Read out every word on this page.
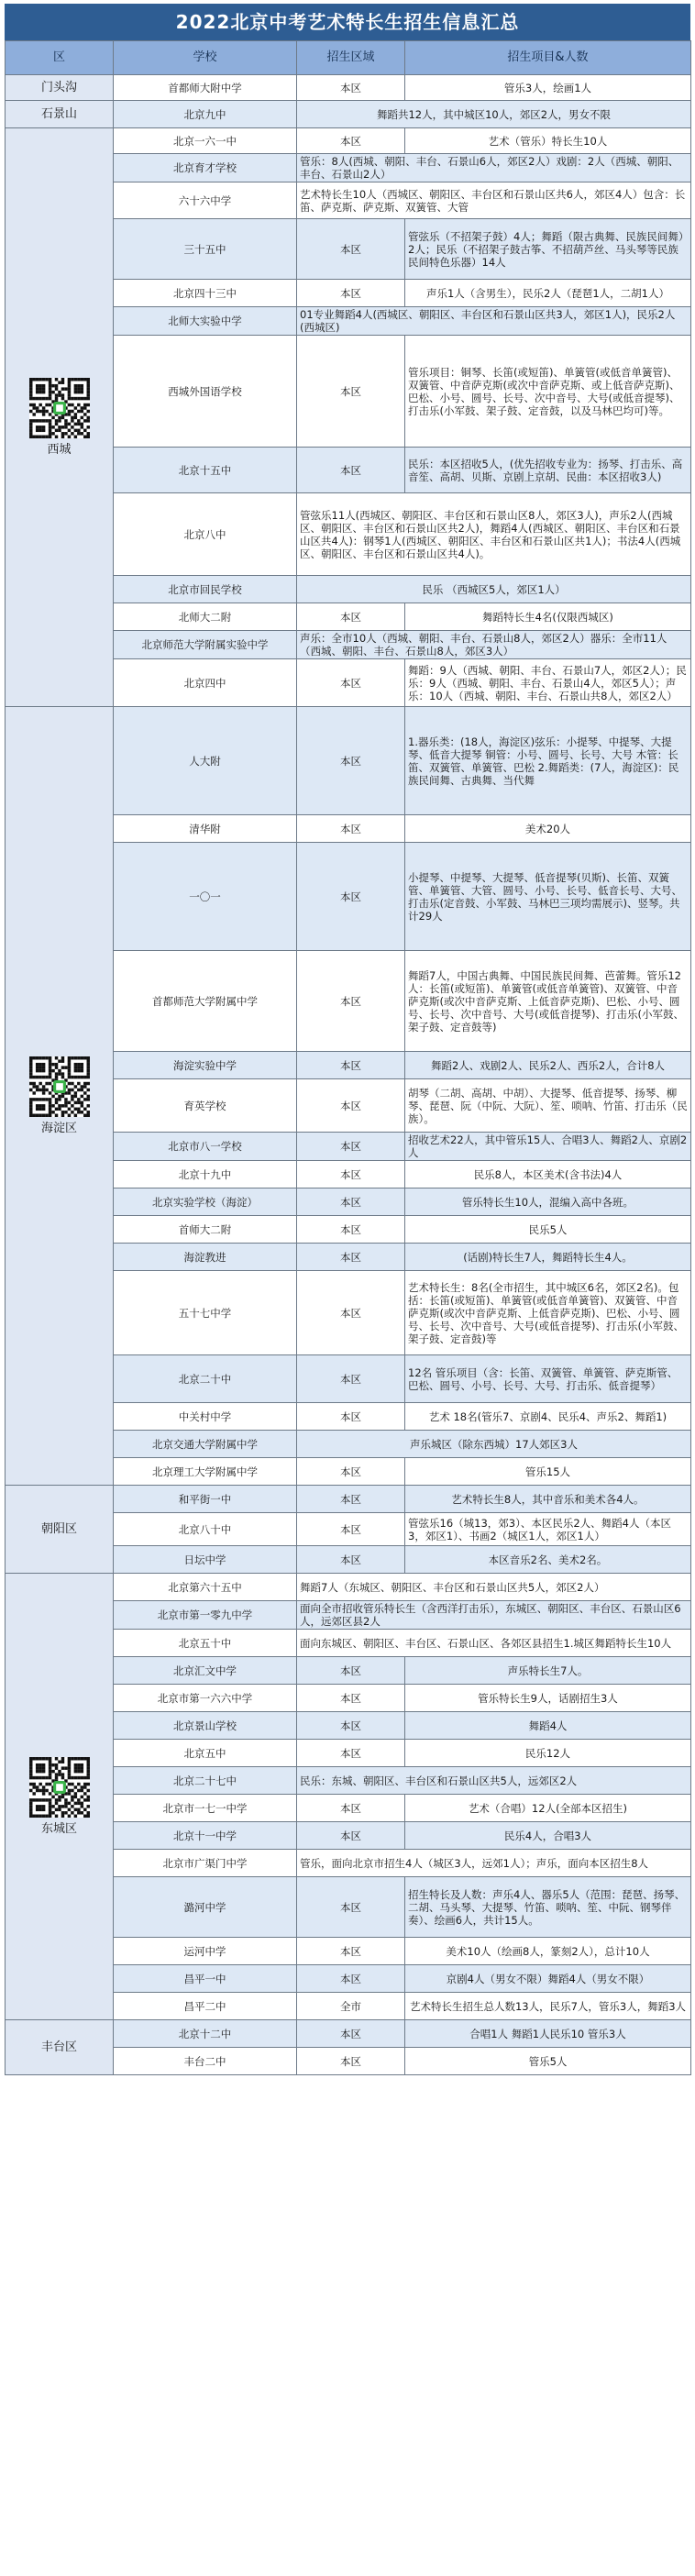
2022北京中考艺术特长生招生信息汇总
区	学校	招生区域	招生项目&人数

门头沟	首都师大附中学	本区	管乐3人，绘画1人

石景山	北京九中	舞蹈共12人，其中城区10人，郊区2人，男女不限	

西城	北京一六一中	本区	艺术（管乐）特长生10人
	北京育才学校	管乐：8人(西城、朝阳、丰台、石景山6人，郊区2人）戏剧：2人（西城、朝阳、丰台、石景山2人）	
	六十六中学	艺术特长生10人（西城区、朝阳区、丰台区和石景山区共6人，郊区4人）包含：长笛、萨克斯、萨克斯、双簧管、大管	
	三十五中	本区	管弦乐（不招架子鼓）4人；舞蹈（限古典舞、民族民间舞）2人；民乐（不招架子鼓古筝、不招葫芦丝、马头琴等民族民间特色乐器）14人
	北京四十三中	本区	声乐1人（含男生），民乐2人（琵琶1人，二胡1人）
	北师大实验中学	01专业舞蹈4人(西城区、朝阳区、丰台区和石景山区共3人，郊区1人)，民乐2人(西城区)	
	西城外国语学校	本区	管乐项目：铜琴、长笛(或短笛)、单簧管(或低音单簧管)、双簧管、中音萨克斯(或次中音萨克斯、或上低音萨克斯)、巴松、小号、圆号、长号、次中音号、大号(或低音提琴)、打击乐(小军鼓、架子鼓、定音鼓，以及马林巴均可)等。
	北京十五中	本区	民乐：本区招收5人，(优先招收专业为：扬琴、打击乐、高音笙、高胡、贝斯、京剧上京胡、民曲：本区招收3人)
	北京八中	管弦乐11人(西城区、朝阳区、丰台区和石景山区8人，郊区3人)，声乐2人(西城区、朝阳区、丰台区和石景山区共2人)，舞蹈4人(西城区、朝阳区、丰台区和石景山区共4人)：钢琴1人(西城区、朝阳区、丰台区和石景山区共1人)；书法4人(西城区、朝阳区、丰台区和石景山区共4人)。	
	北京市回民学校	民乐 （西城区5人，郊区1人）	
	北师大二附	本区	舞蹈特长生4名(仅限西城区)
	北京师范大学附属实验中学	声乐：全市10人（西城、朝阳、丰台、石景山8人，郊区2人）器乐：全市11人（西城、朝阳、丰台、石景山8人，郊区3人）	
	北京四中	本区	舞蹈：9人（西城、朝阳、丰台、石景山7人，郊区2人）；民乐：9人（西城、朝阳、丰台、石景山4人，郊区5人）；声乐：10人（西城、朝阳、丰台、石景山共8人，郊区2人）

海淀区	人大附	本区	1.器乐类：(18人，海淀区)弦乐：小提琴、中提琴、大提琴、低音大提琴 铜管：小号、圆号、长号、大号 木管：长笛、双簧管、单簧管、巴松 2.舞蹈类：(7人，海淀区)：民族民间舞、古典舞、当代舞
	清华附	本区	美术20人
	一〇一	本区	小提琴、中提琴、大提琴、低音提琴(贝斯)、长笛、双簧管、单簧管、大管、圆号、小号、长号、低音长号、大号、打击乐(定音鼓、小军鼓、马林巴三项均需展示)、竖琴。共计29人
	首都师范大学附属中学	本区	舞蹈7人，中国古典舞、中国民族民间舞、芭蕾舞。管乐12人：长笛(或短笛)、单簧管(或低音单簧管)、双簧管、中音萨克斯(或次中音萨克斯、上低音萨克斯)、巴松、小号、圆号、长号、次中音号、大号(或低音提琴)、打击乐(小军鼓、架子鼓、定音鼓等)
	海淀实验中学	本区	舞蹈2人、戏剧2人、民乐2人、西乐2人，合计8人
	育英学校	本区	胡琴（二胡、高胡、中胡）、大提琴、低音提琴、扬琴、柳琴、琵琶、阮（中阮、大阮）、笙、唢呐、竹笛、打击乐（民族）。
	北京市八一学校	本区	招收艺术22人，其中管乐15人、合唱3人、舞蹈2人、京剧2人
	北京十九中	本区	民乐8人，本区美术(含书法)4人
	北京实验学校（海淀）	本区	管乐特长生10人，混编入高中各班。
	首师大二附	本区	民乐5人
	海淀教进	本区	(话剧)特长生7人，舞蹈特长生4人。
	五十七中学	本区	艺术特长生：8名(全市招生，其中城区6名，郊区2名)。包括：长笛(或短笛)、单簧管(或低音单簧管)、双簧管、中音萨克斯(或次中音萨克斯、上低音萨克斯)、巴松、小号、圆号、长号、次中音号、大号(或低音提琴)、打击乐(小军鼓、架子鼓、定音鼓)等
	北京二十中	本区	12名 管乐项目（含：长笛、双簧管、单簧管、萨克斯管、巴松、圆号、小号、长号、大号、打击乐、低音提琴）
	中关村中学	本区	艺术 18名(管乐7、京剧4、民乐4、声乐2、舞蹈1)
	北京交通大学附属中学	声乐城区（除东西城）17人郊区3人	
	北京理工大学附属中学	本区	管乐15人

朝阳区	和平街一中	本区	艺术特长生8人，其中音乐和美术各4人。
	北京八十中	本区	管弦乐16（城13，郊3）、本区民乐2人、舞蹈4人（本区3，郊区1）、书画2（城区1人，郊区1人）
	日坛中学	本区	本区音乐2名、美术2名。

东城区	北京第六十五中	舞蹈7人（东城区、朝阳区、丰台区和石景山区共5人，郊区2人）	
	北京市第一零九中学	面向全市招收管乐特长生（含西洋打击乐），东城区、朝阳区、丰台区、石景山区6人，远郊区县2人	
	北京五十中	面向东城区、朝阳区、丰台区、石景山区、各郊区县招生1.城区舞蹈特长生10人	
	北京汇文中学	本区	声乐特长生7人。
	北京市第一六六中学	本区	管乐特长生9人，话剧招生3人
	北京景山学校	本区	舞蹈4人
	北京五中	本区	民乐12人
	北京二十七中	民乐：东城、朝阳区、丰台区和石景山区共5人，远郊区2人	
	北京市一七一中学	本区	艺术（合唱）12人(全部本区招生)
	北京十一中学	本区	民乐4人，合唱3人
	北京市广渠门中学	管乐，面向北京市招生4人（城区3人，远郊1人）；声乐，面向本区招生8人	
	潞河中学	本区	招生特长及人数：声乐4人、器乐5人（范围：琵琶、扬琴、二胡、马头琴、大提琴、竹笛、唢呐、笙、中阮、钢琴伴奏）、绘画6人，共计15人。
	运河中学	本区	美术10人（绘画8人，篆刻2人），总计10人
	昌平一中	本区	京剧4人（男女不限）舞蹈4人（男女不限）
	昌平二中	全市	艺术特长生招生总人数13人，民乐7人，管乐3人，舞蹈3人

丰台区	北京十二中	本区	合唱1人 舞蹈1人民乐10 管乐3人
	丰台二中	本区	管乐5人
